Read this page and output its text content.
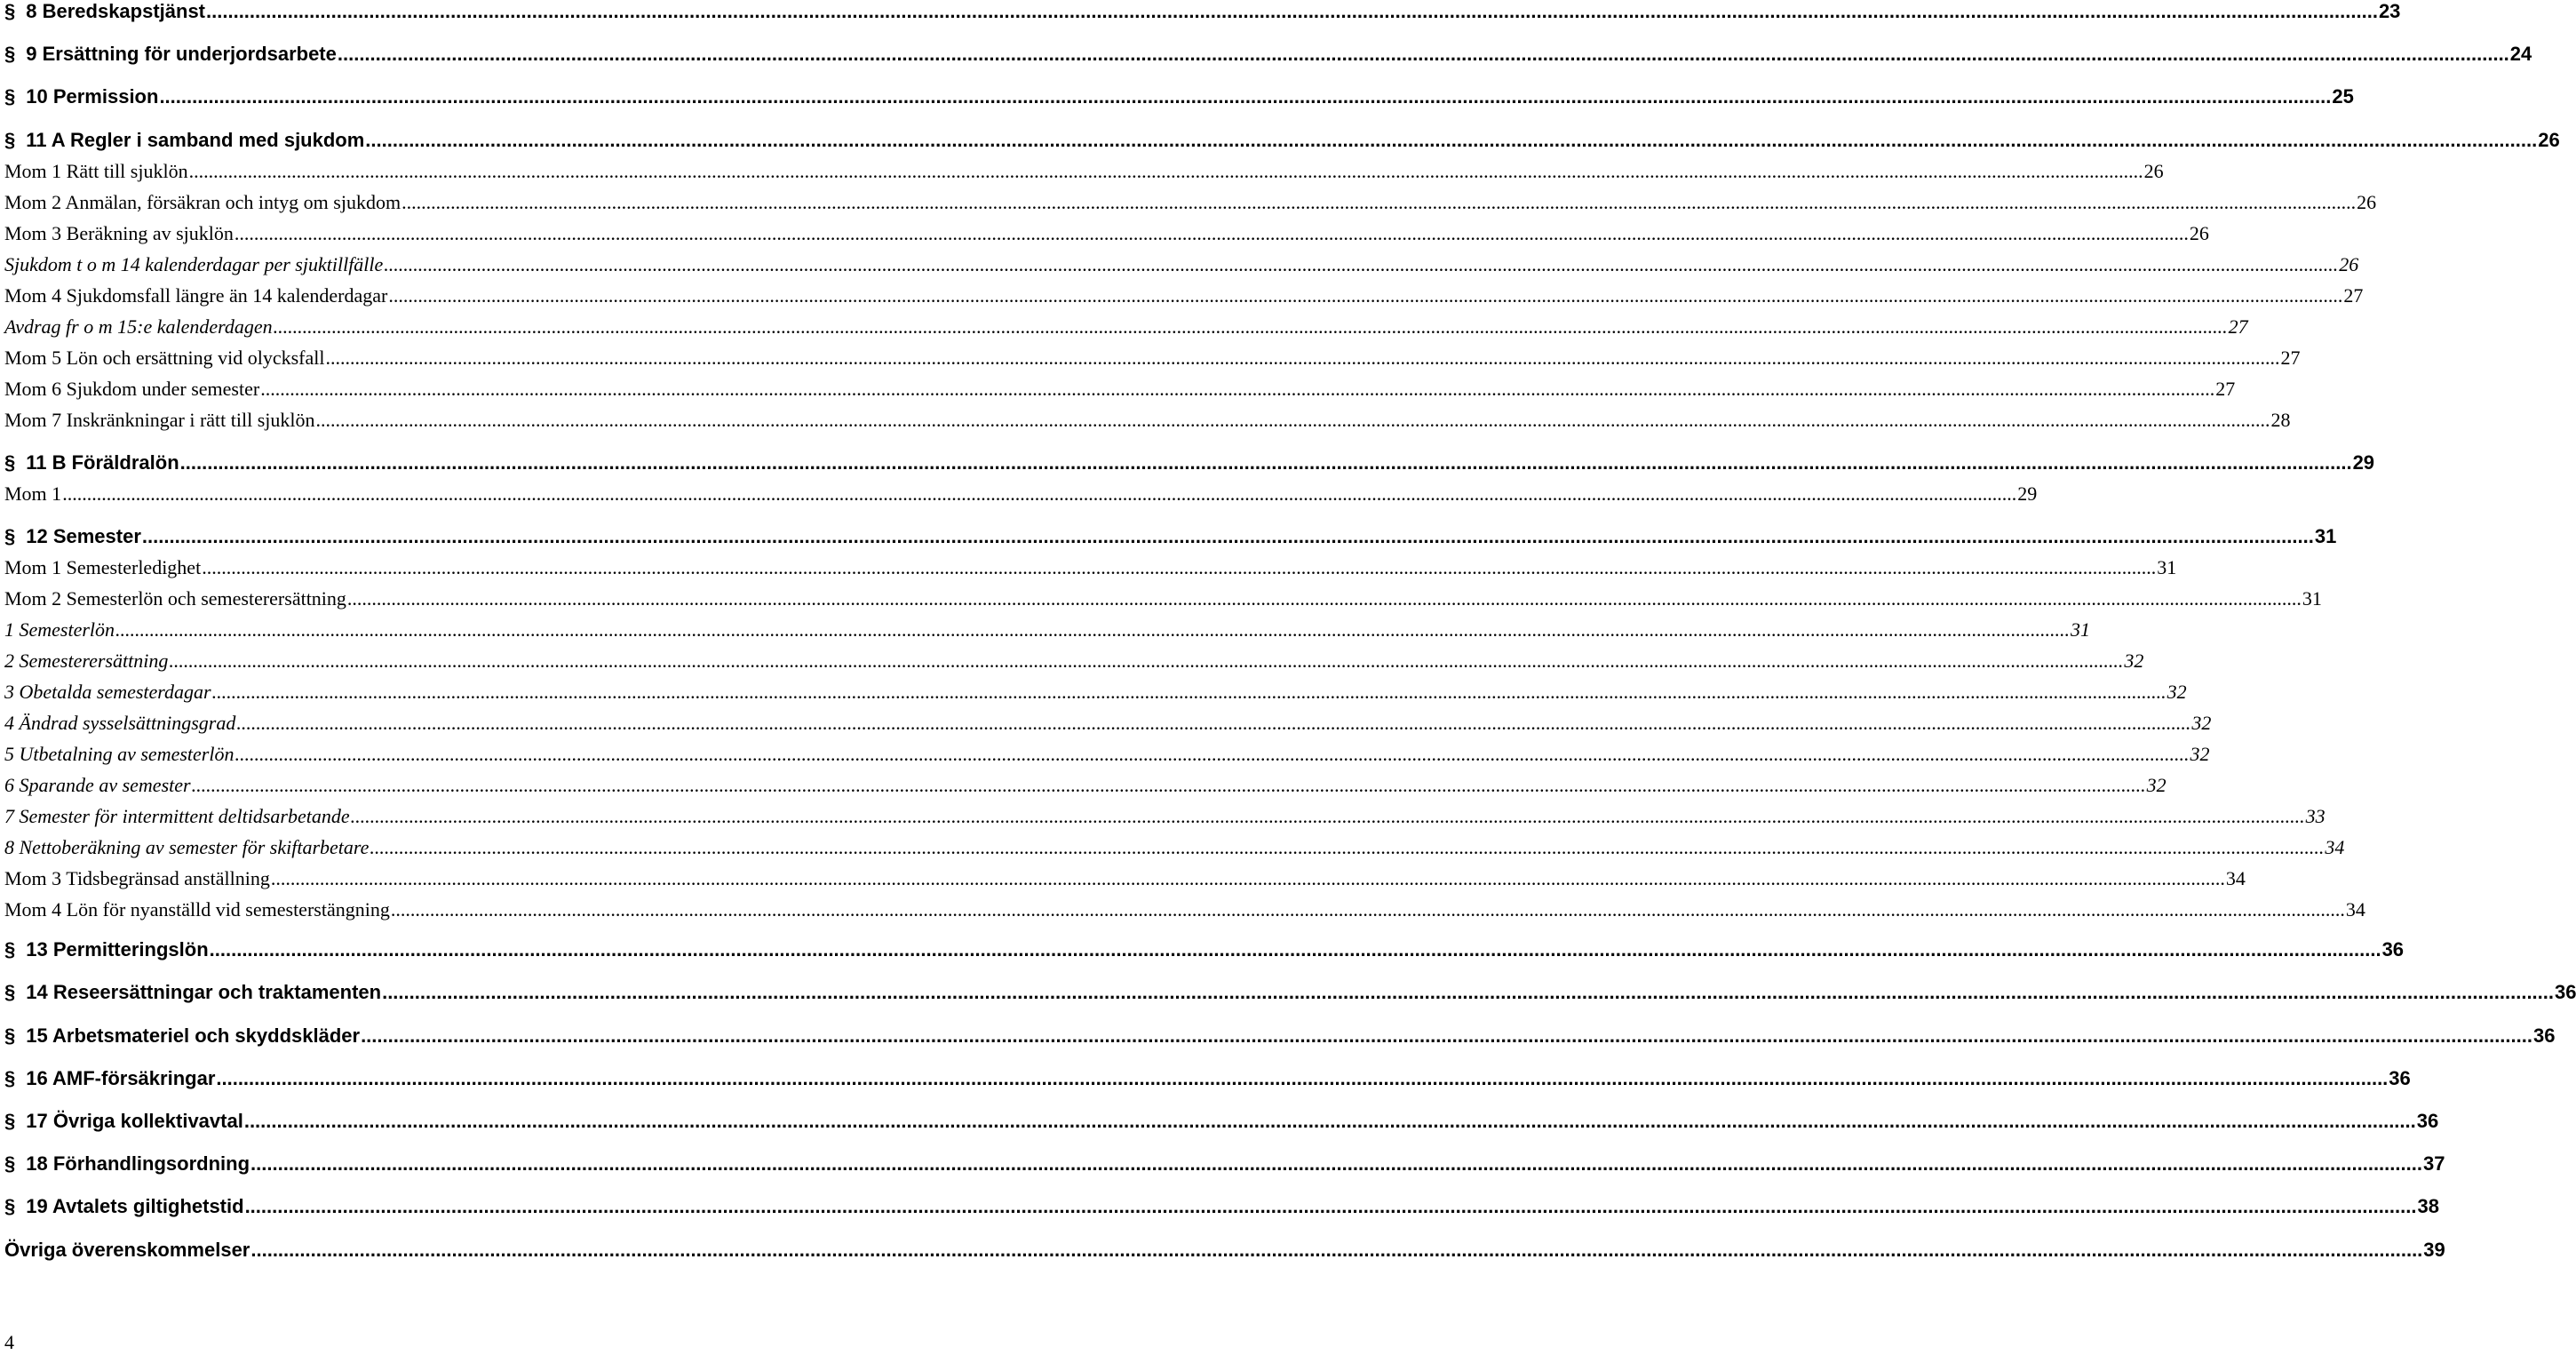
§ 8 Beredskapstjänst ................................................................................................................................................................................................................................................................................................................................................................................................................ 23
§ 9 Ersättning för underjordsarbete ................................................................................................................................................................................................................................................................................................................................................................................................................ 24
§ 10 Permission ................................................................................................................................................................................................................................................................................................................................................................................................................ 25
§ 11 A Regler i samband med sjukdom ................................................................................................................................................................................................................................................................................................................................................................................................................ 26
Mom 1 Rätt till sjuklön ................................................................................................................................................................................................................................................................................................................................................................................................................ 26
Mom 2 Anmälan, försäkran och intyg om sjukdom ................................................................................................................................................................................................................................................................................................................................................................................................................ 26
Mom 3 Beräkning av sjuklön ................................................................................................................................................................................................................................................................................................................................................................................................................ 26
Sjukdom t o m 14 kalenderdagar per sjuktillfälle ................................................................................................................................................................................................................................................................................................................................................................................................................ 26
Mom 4 Sjukdomsfall längre än 14 kalenderdagar ................................................................................................................................................................................................................................................................................................................................................................................................................ 27
Avdrag fr o m 15:e kalenderdagen ................................................................................................................................................................................................................................................................................................................................................................................................................ 27
Mom 5 Lön och ersättning vid olycksfall ................................................................................................................................................................................................................................................................................................................................................................................................................ 27
Mom 6 Sjukdom under semester ................................................................................................................................................................................................................................................................................................................................................................................................................ 27
Mom 7 Inskränkningar i rätt till sjuklön ................................................................................................................................................................................................................................................................................................................................................................................................................ 28
§ 11 B Föräldralön ................................................................................................................................................................................................................................................................................................................................................................................................................ 29
Mom 1 ................................................................................................................................................................................................................................................................................................................................................................................................................ 29
§ 12 Semester ................................................................................................................................................................................................................................................................................................................................................................................................................ 31
Mom 1 Semesterledighet ................................................................................................................................................................................................................................................................................................................................................................................................................ 31
Mom 2 Semesterlön och semesterersättning ................................................................................................................................................................................................................................................................................................................................................................................................................ 31
1 Semesterlön ................................................................................................................................................................................................................................................................................................................................................................................................................ 31
2 Semesterersättning ................................................................................................................................................................................................................................................................................................................................................................................................................ 32
3 Obetalda semesterdagar ................................................................................................................................................................................................................................................................................................................................................................................................................ 32
4 Ändrad sysselsättningsgrad ................................................................................................................................................................................................................................................................................................................................................................................................................ 32
5 Utbetalning av semesterlön ................................................................................................................................................................................................................................................................................................................................................................................................................ 32
6 Sparande av semester ................................................................................................................................................................................................................................................................................................................................................................................................................ 32
7 Semester för intermittent deltidsarbetande ................................................................................................................................................................................................................................................................................................................................................................................................................ 33
8 Nettoberäkning av semester för skiftarbetare ................................................................................................................................................................................................................................................................................................................................................................................................................ 34
Mom 3 Tidsbegränsad anställning ................................................................................................................................................................................................................................................................................................................................................................................................................ 34
Mom 4 Lön för nyanställd vid semesterstängning ................................................................................................................................................................................................................................................................................................................................................................................................................ 34
§ 13 Permitteringslön ................................................................................................................................................................................................................................................................................................................................................................................................................ 36
§ 14 Reseersättningar och traktamenten ................................................................................................................................................................................................................................................................................................................................................................................................................ 36
§ 15 Arbetsmateriel och skyddskläder ................................................................................................................................................................................................................................................................................................................................................................................................................ 36
§ 16 AMF-försäkringar ................................................................................................................................................................................................................................................................................................................................................................................................................ 36
§ 17 Övriga kollektivavtal ................................................................................................................................................................................................................................................................................................................................................................................................................ 36
§ 18 Förhandlingsordning ................................................................................................................................................................................................................................................................................................................................................................................................................ 37
§ 19 Avtalets giltighetstid ................................................................................................................................................................................................................................................................................................................................................................................................................ 38
Övriga överenskommelser ................................................................................................................................................................................................................................................................................................................................................................................................................ 39
4
